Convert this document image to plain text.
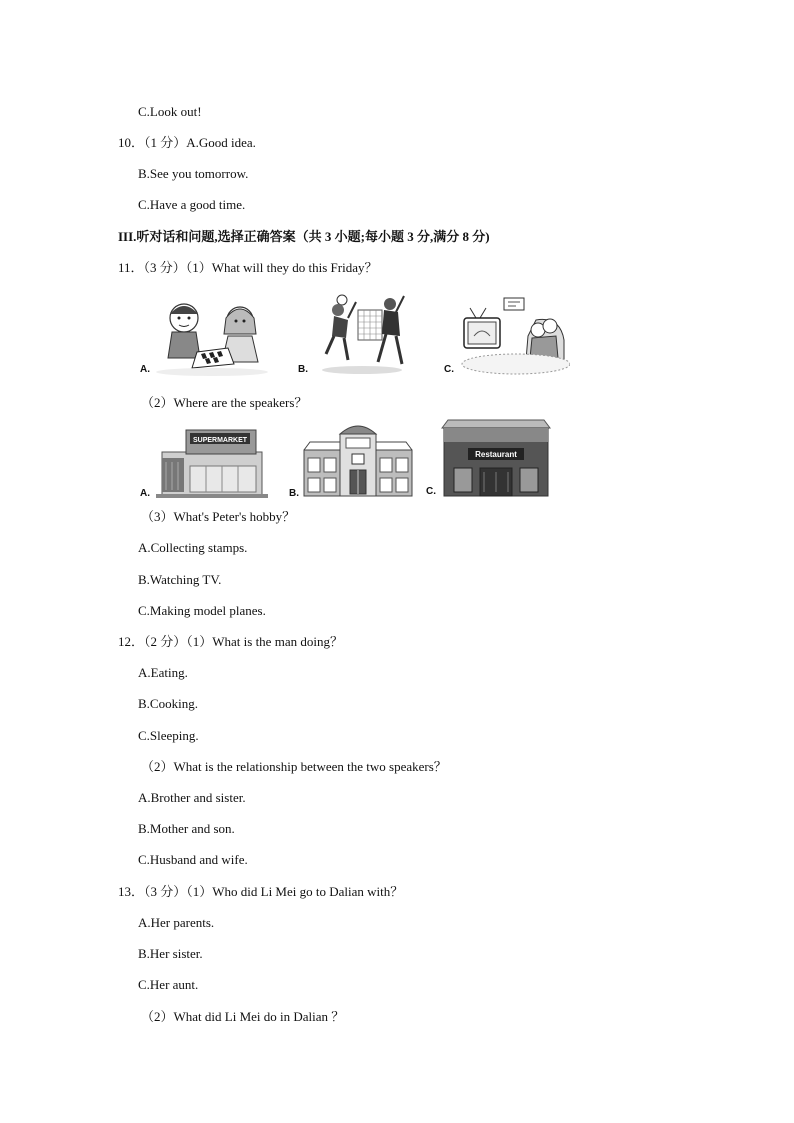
C.Look out!
10．（1 分）A.Good idea.
B.See you tomorrow.
C.Have a good time.
III.听对话和问题,选择正确答案（共 3 小题;每小题 3 分,满分 8 分)
11．（3 分）（1）What will they do this Friday？
A.	B.	C.
（2）Where are the speakers？
A.
SUPERMARKET
B.	C.
Restaurant
（3）What's Peter's hobby？
A.Collecting stamps.
B.Watching TV.
C.Making model planes.
12．（2 分）（1）What is the man doing？
A.Eating.
B.Cooking.
C.Sleeping.
（2）What is the relationship between the two speakers？
A.Brother and sister.
B.Mother and son.
C.Husband and wife.
13．（3 分）（1）Who did Li Mei go to Dalian with？
A.Her parents.
B.Her sister.
C.Her aunt.
（2）What did Li Mei do in Dalian ？
